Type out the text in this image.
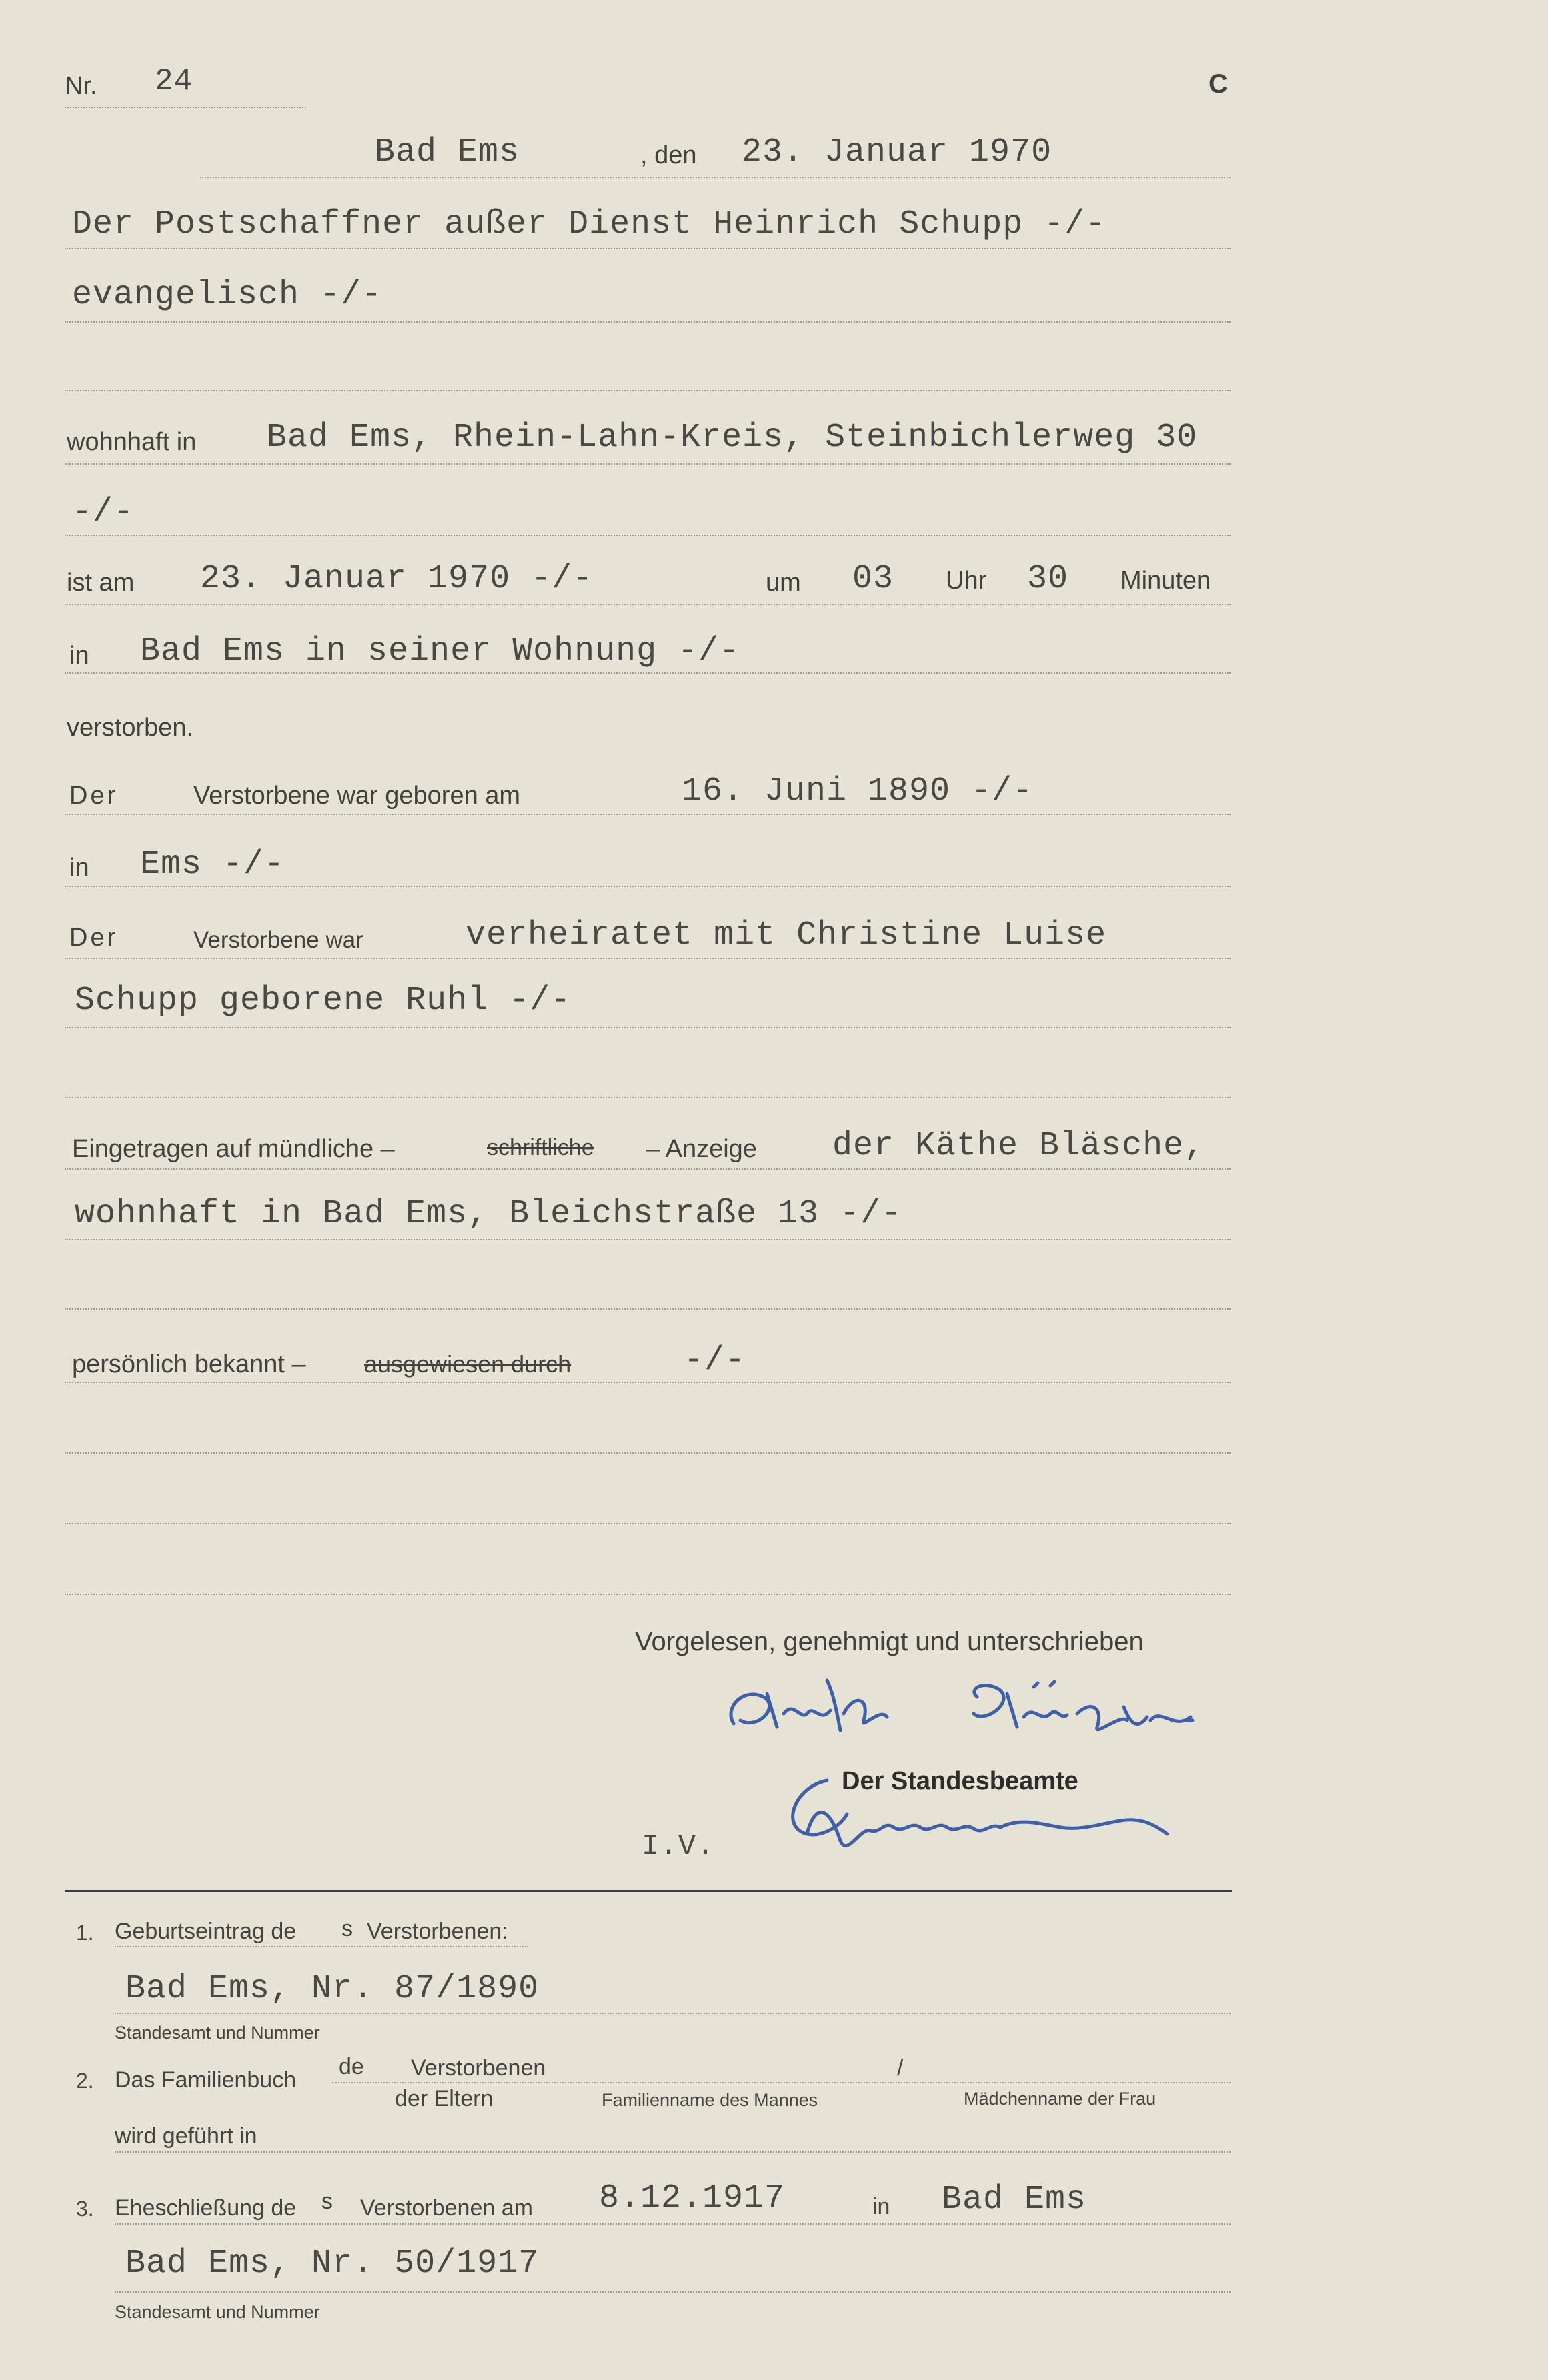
Nr. 24	C
Bad Ems	, den 23. Januar 1970
Der Postschaffner außer Dienst Heinrich Schupp -/-
evangelisch -/-
wohnhaft in Bad Ems, Rhein-Lahn-Kreis, Steinbichlerweg 30
-/-
ist am 23. Januar 1970 -/-	um 03 Uhr 30 Minuten
in Bad Ems in seiner Wohnung -/-
verstorben.
Der	Verstorbene war geboren am	16. Juni 1890 -/-
in Ems -/-
Der	Verstorbene war	verheiratet mit Christine Luise
Schupp geborene Ruhl -/-
Eingetragen auf mündliche –	schriftliche – Anzeige der Käthe Bläsche,
wohnhaft in Bad Ems, Bleichstraße 13 -/-
persönlich bekannt – ausgewiesen durch	-/-
Vorgelesen, genehmigt und unterschrieben
Der Standesbeamte
I.V.
1. Geburtseintrag de s Verstorbenen:
Bad Ems, Nr. 87/1890
Standesamt und Nummer
2. Das Familienbuch
de Verstorbenen	/
der Eltern	Familienname des Mannes	Mädchenname der Frau
wird geführt in
3. Eheschließung de s Verstorbenen am 8.12.1917	in Bad Ems
Bad Ems, Nr. 50/1917
Standesamt und Nummer
